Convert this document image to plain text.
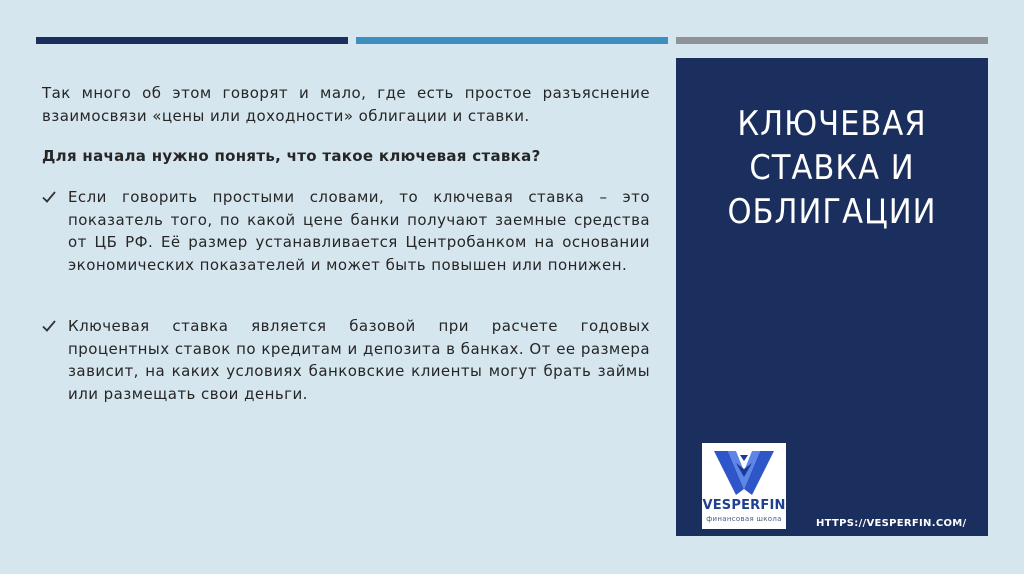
Так много об этом говорят и мало, где есть простое разъяснение взаимосвязи «цены или доходности» облигации и ставки.

Для начала нужно понять, что такое ключевая ставка?

Если говорить простыми словами, то ключевая ставка – это показатель того, по какой цене банки получают заемные средства от ЦБ РФ. Её размер устанавливается Центробанком на основании экономических показателей и может быть повышен или понижен.

Ключевая ставка является базовой при расчете годовых процентных ставок по кредитам и депозита в банках. От ее размера зависит, на каких условиях банковские клиенты могут брать займы или размещать свои деньги.

КЛЮЧЕВАЯ СТАВКА И ОБЛИГАЦИИ
VESPERFIN
финансовая школа	HTTPS://VESPERFIN.COM/
